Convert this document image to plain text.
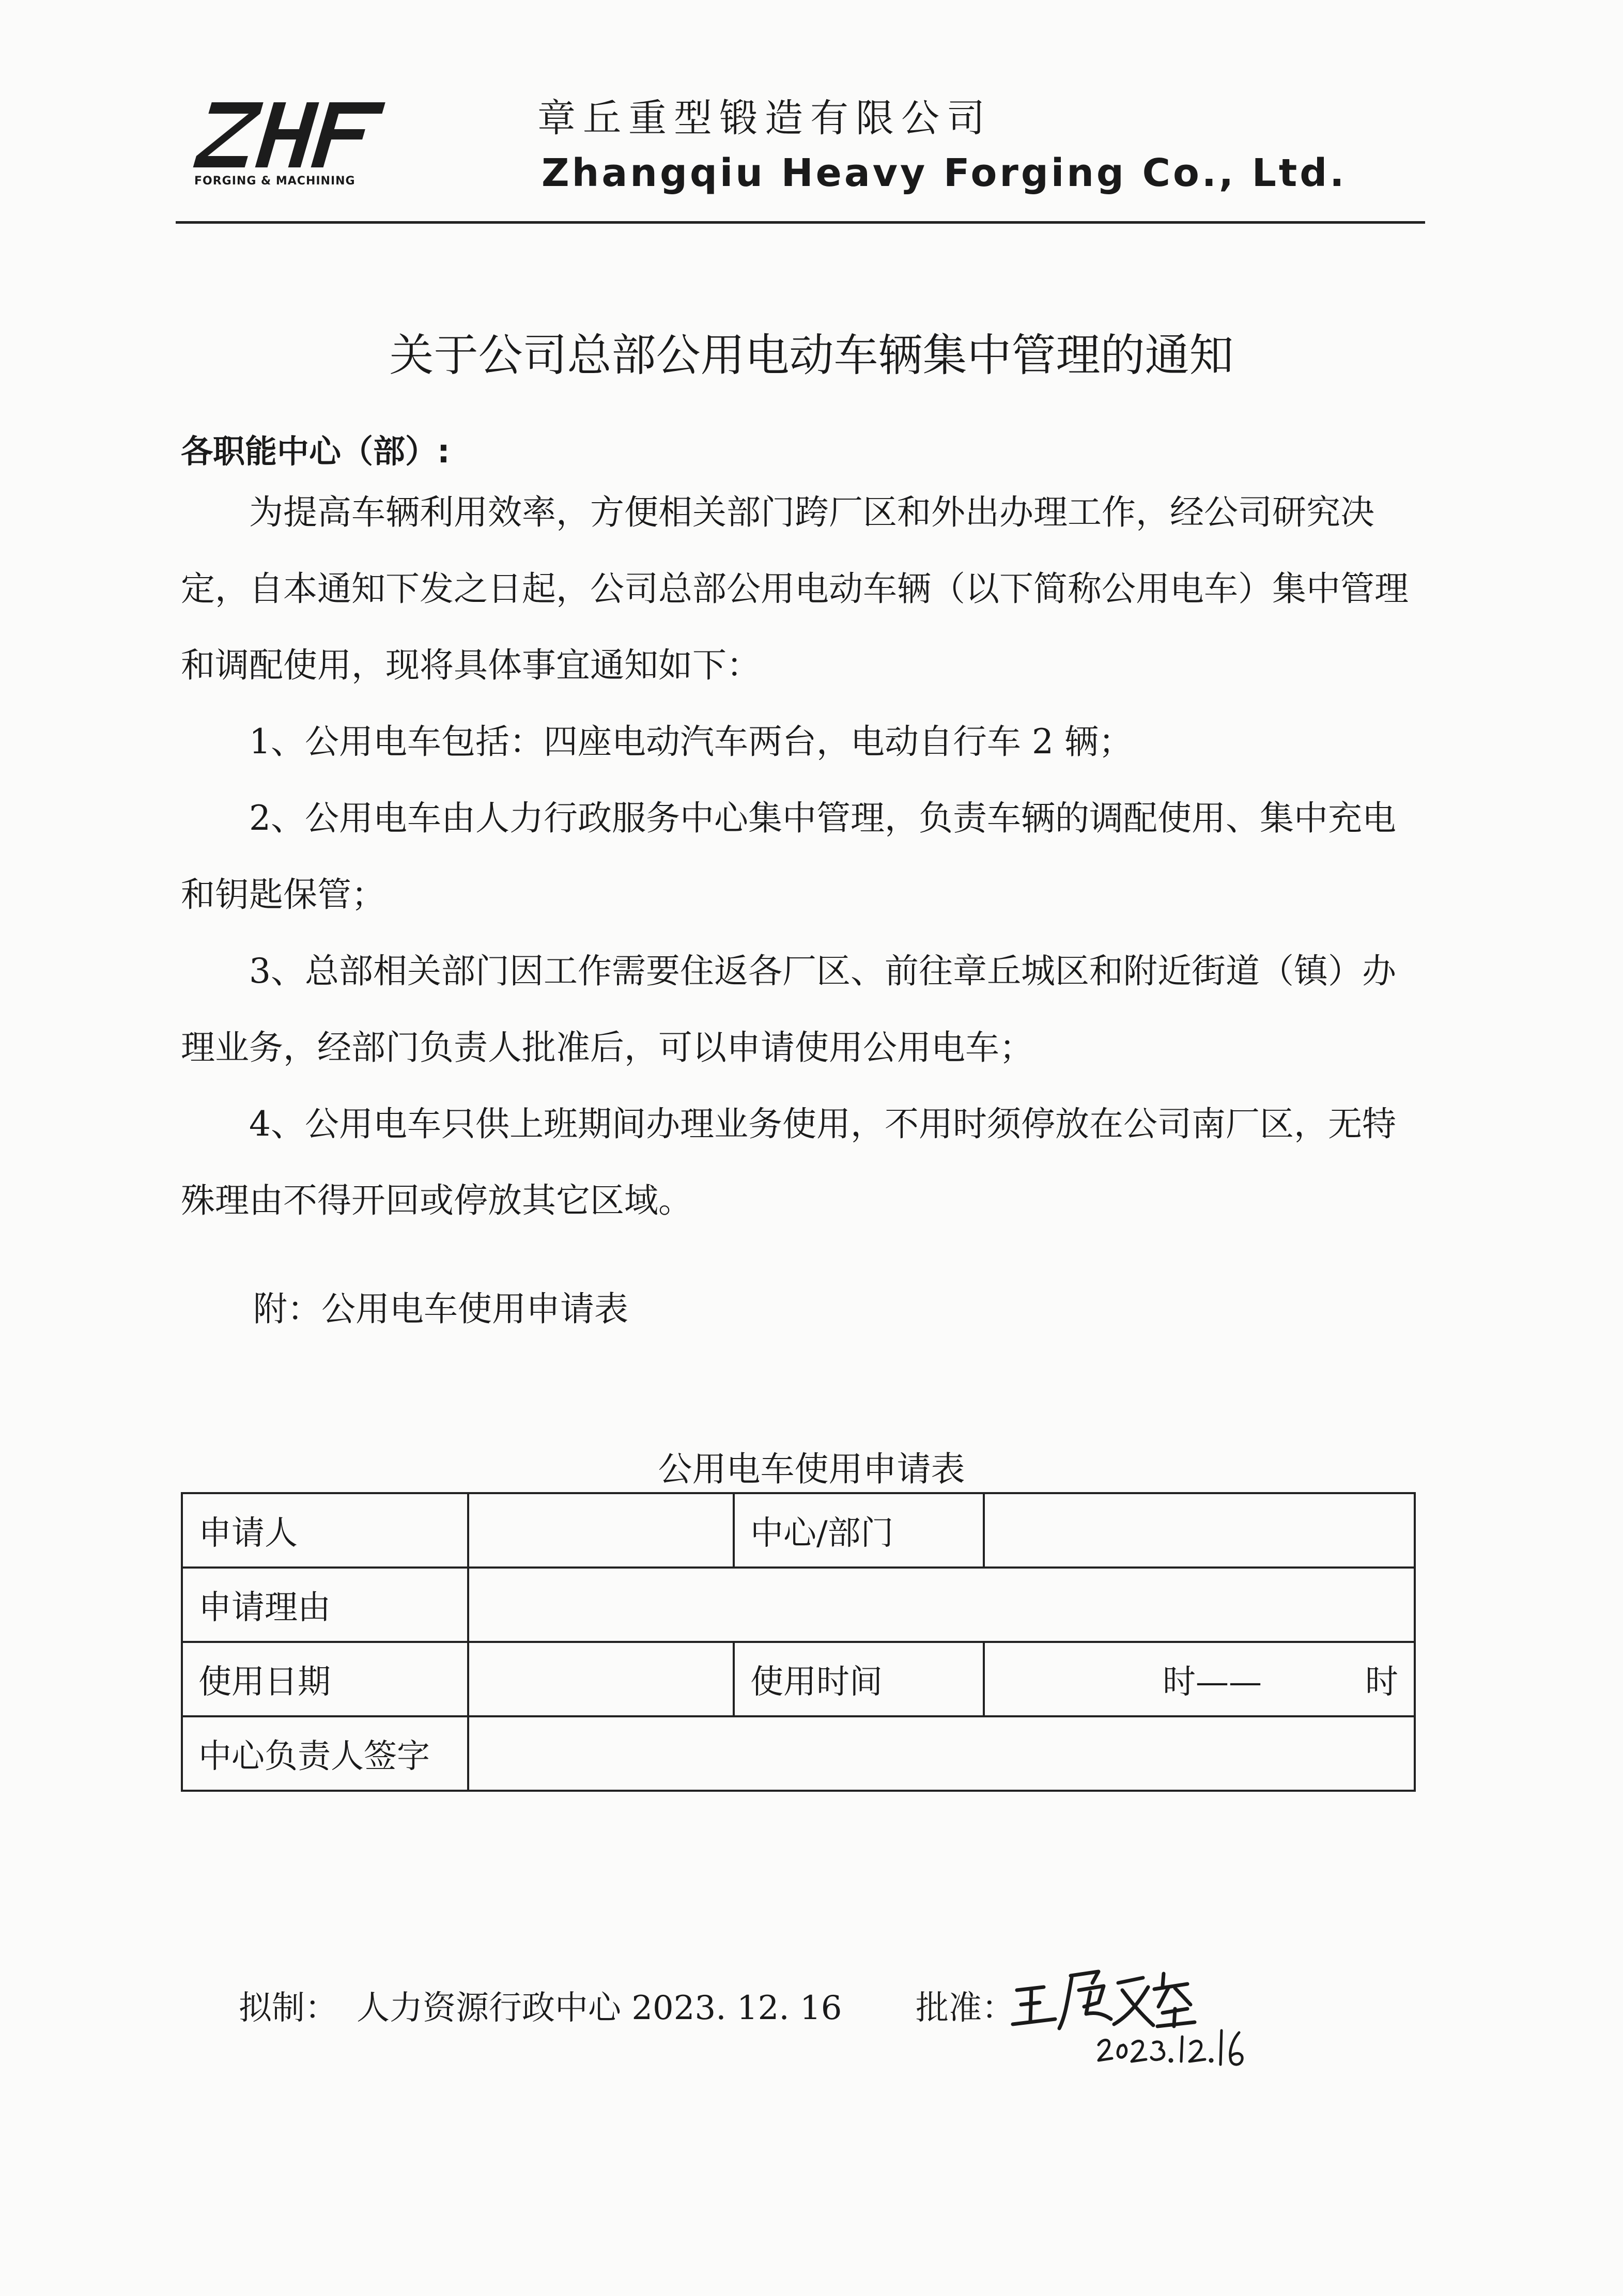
FORGING & MACHINING
章丘重型锻造有限公司
Zhangqiu Heavy Forging Co., Ltd.
关于公司总部公用电动车辆集中管理的通知
各职能中心（部）:
为提高车辆利用效率，方便相关部门跨厂区和外出办理工作，经公司研究决定，自本通知下发之日起，公司总部公用电动车辆（以下简称公用电车）集中管理和调配使用，现将具体事宜通知如下：
1、公用电车包括：四座电动汽车两台，电动自行车 2 辆；
2、公用电车由人力行政服务中心集中管理，负责车辆的调配使用、集中充电和钥匙保管；
3、总部相关部门因工作需要住返各厂区、前往章丘城区和附近街道（镇）办理业务，经部门负责人批准后，可以申请使用公用电车；
4、公用电车只供上班期间办理业务使用，不用时须停放在公司南厂区，无特殊理由不得开回或停放其它区域。
附：公用电车使用申请表
公用电车使用申请表
申请人		中心/部门	
申请理由			
使用日期		使用时间	时—— 时
中心负责人签字			
拟制： 人力资源行政中心 2023. 12. 16 批准：
